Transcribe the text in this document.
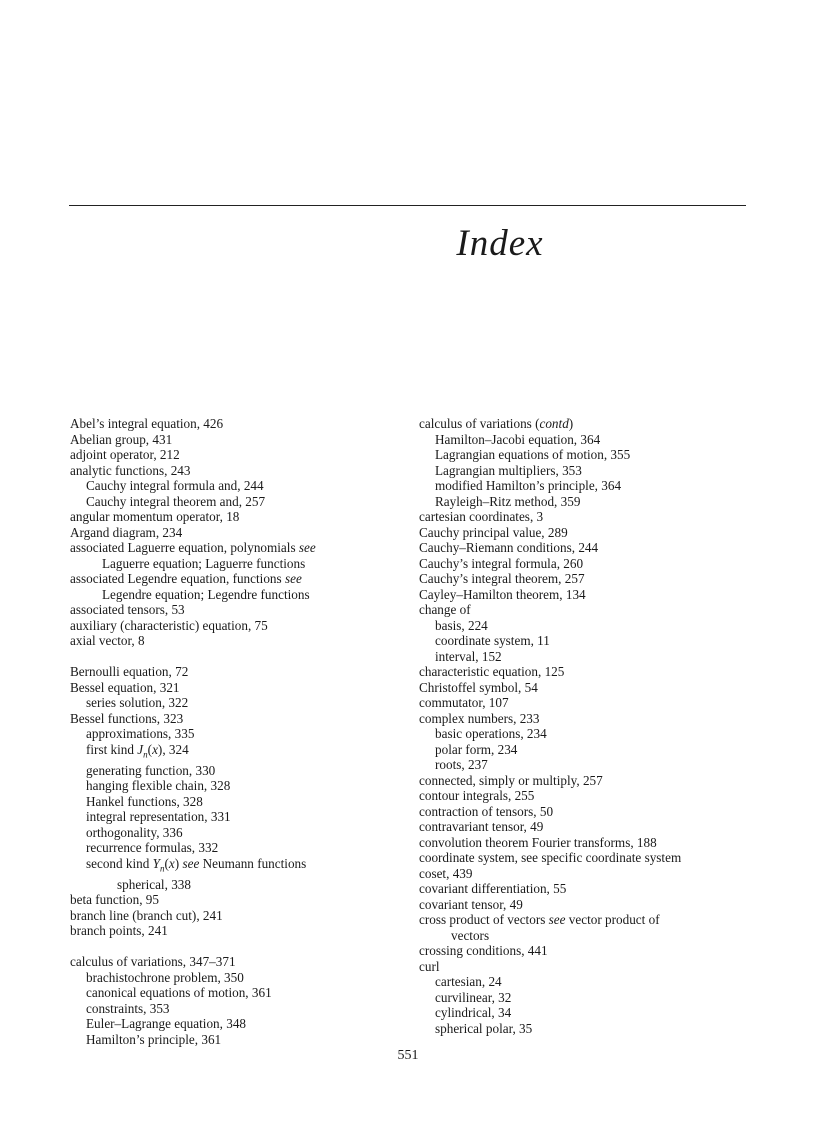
Index
Abel’s integral equation, 426
Abelian group, 431
adjoint operator, 212
analytic functions, 243
Cauchy integral formula and, 244
Cauchy integral theorem and, 257
angular momentum operator, 18
Argand diagram, 234
associated Laguerre equation, polynomials see
Laguerre equation; Laguerre functions
associated Legendre equation, functions see
Legendre equation; Legendre functions
associated tensors, 53
auxiliary (characteristic) equation, 75
axial vector, 8
Bernoulli equation, 72
Bessel equation, 321
series solution, 322
Bessel functions, 323
approximations, 335
first kind $J_n(x)$, 324
generating function, 330
hanging flexible chain, 328
Hankel functions, 328
integral representation, 331
orthogonality, 336
recurrence formulas, 332
second kind $Y_n(x)$ see Neumann functions
spherical, 338
beta function, 95
branch line (branch cut), 241
branch points, 241
calculus of variations, 347–371
brachistochrone problem, 350
canonical equations of motion, 361
constraints, 353
Euler–Lagrange equation, 348
Hamilton’s principle, 361
calculus of variations (contd)
Hamilton–Jacobi equation, 364
Lagrangian equations of motion, 355
Lagrangian multipliers, 353
modified Hamilton’s principle, 364
Rayleigh–Ritz method, 359
cartesian coordinates, 3
Cauchy principal value, 289
Cauchy–Riemann conditions, 244
Cauchy’s integral formula, 260
Cauchy’s integral theorem, 257
Cayley–Hamilton theorem, 134
change of
basis, 224
coordinate system, 11
interval, 152
characteristic equation, 125
Christoffel symbol, 54
commutator, 107
complex numbers, 233
basic operations, 234
polar form, 234
roots, 237
connected, simply or multiply, 257
contour integrals, 255
contraction of tensors, 50
contravariant tensor, 49
convolution theorem Fourier transforms, 188
coordinate system, see specific coordinate system
coset, 439
covariant differentiation, 55
covariant tensor, 49
cross product of vectors see vector product of
vectors
crossing conditions, 441
curl
cartesian, 24
curvilinear, 32
cylindrical, 34
spherical polar, 35
551
